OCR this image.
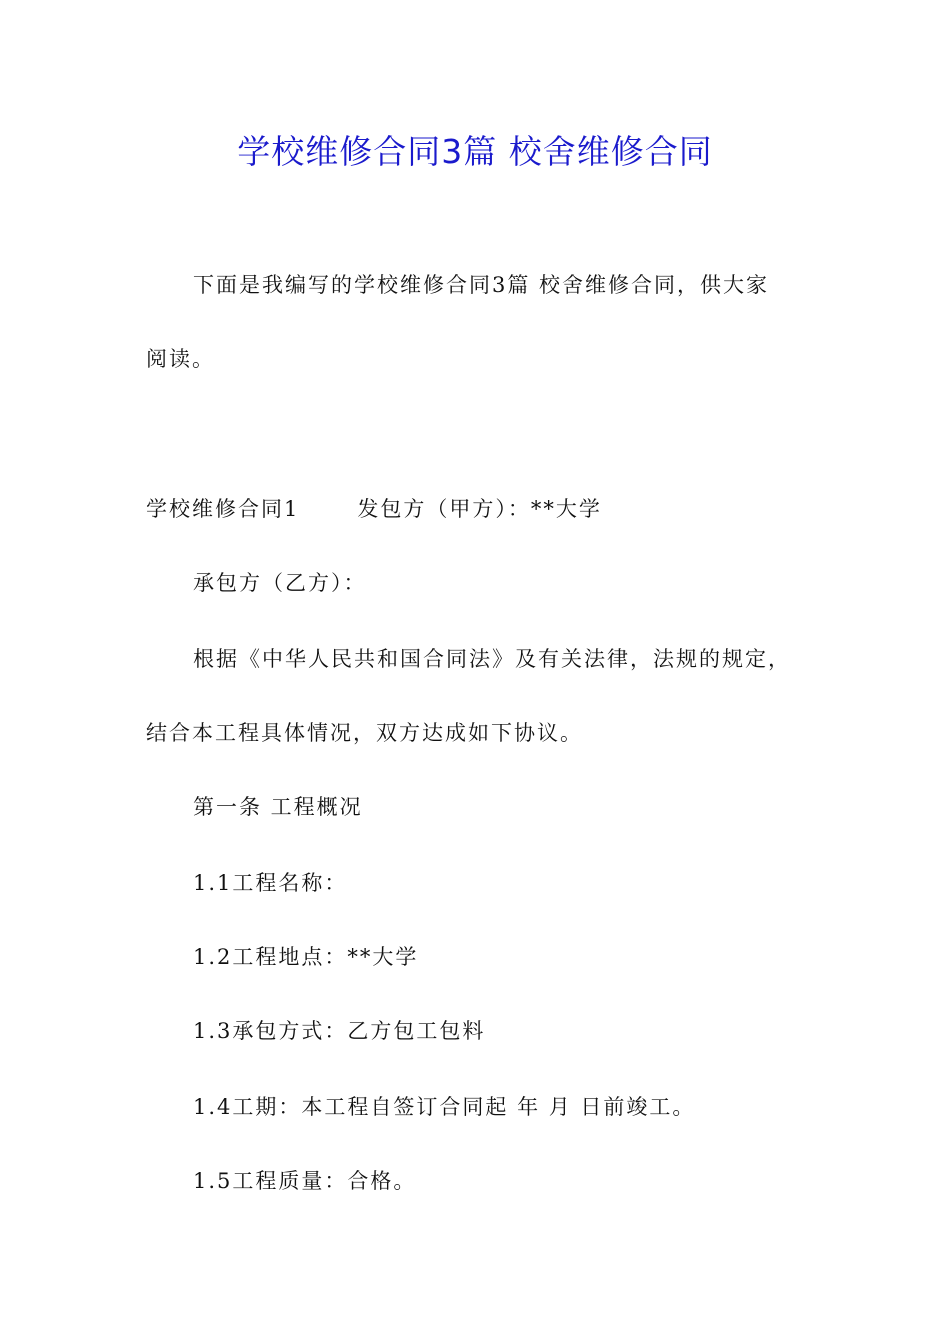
学校维修合同3篇 校舍维修合同
下面是我编写的学校维修合同3篇 校舍维修合同，供大家
阅读。
学校维修合同1	发包方（甲方）：**大学
承包方（乙方）：
根据《中华人民共和国合同法》及有关法律，法规的规定，
结合本工程具体情况，双方达成如下协议。
第一条 工程概况
1.1工程名称：
1.2工程地点：**大学
1.3承包方式：乙方包工包料
1.4工期：本工程自签订合同起 年 月 日前竣工。
1.5工程质量：合格。
